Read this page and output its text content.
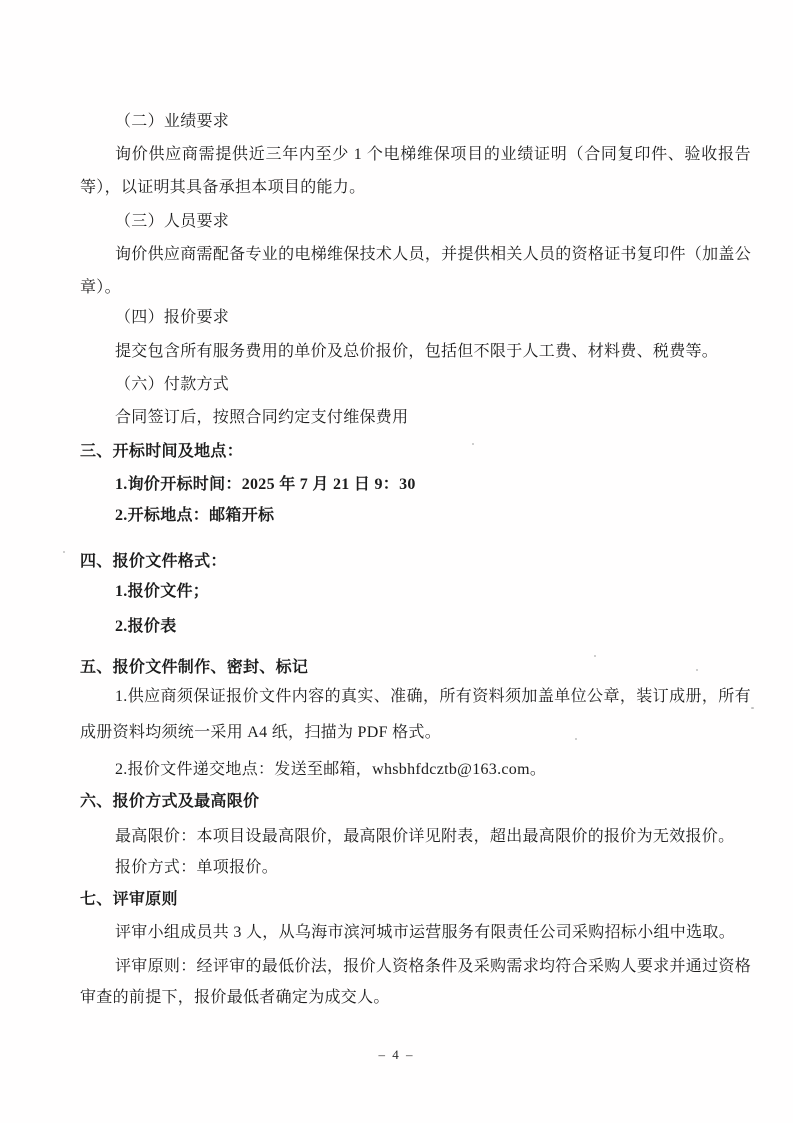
（二）业绩要求
询价供应商需提供近三年内至少 1 个电梯维保项目的业绩证明（合同复印件、验收报告
等），以证明其具备承担本项目的能力。
（三）人员要求
询价供应商需配备专业的电梯维保技术人员，并提供相关人员的资格证书复印件（加盖公
章）。
（四）报价要求
提交包含所有服务费用的单价及总价报价，包括但不限于人工费、材料费、税费等。
（六）付款方式
合同签订后，按照合同约定支付维保费用
三、开标时间及地点：
1.询价开标时间：2025 年 7 月 21 日 9：30
2.开标地点：邮箱开标
四、报价文件格式：
1.报价文件；
2.报价表
五、报价文件制作、密封、标记
1.供应商须保证报价文件内容的真实、准确，所有资料须加盖单位公章，装订成册，所有
成册资料均须统一采用 A4 纸，扫描为 PDF 格式。
2.报价文件递交地点：发送至邮箱，whsbhfdcztb@163.com。
六、报价方式及最高限价
最高限价：本项目设最高限价，最高限价详见附表，超出最高限价的报价为无效报价。
报价方式：单项报价。
七、评审原则
评审小组成员共 3 人，从乌海市滨河城市运营服务有限责任公司采购招标小组中选取。
评审原则：经评审的最低价法，报价人资格条件及采购需求均符合采购人要求并通过资格
审查的前提下，报价最低者确定为成交人。
– 4 –
